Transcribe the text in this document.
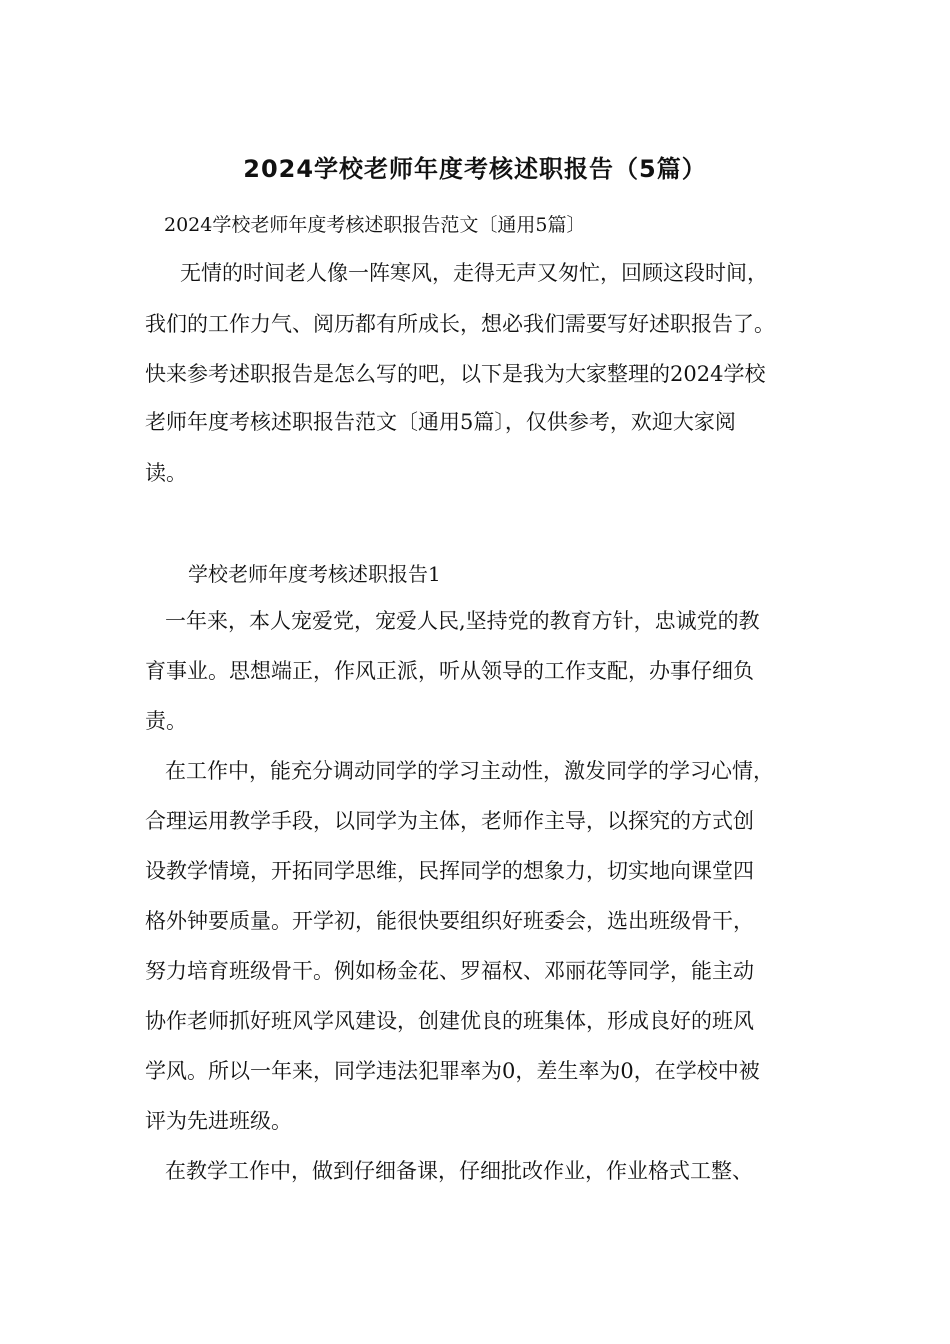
2024学校老师年度考核述职报告（5篇）
2024学校老师年度考核述职报告范文〔通用5篇〕
无情的时间老人像一阵寒风，走得无声又匆忙，回顾这段时间，
我们的工作力气、阅历都有所成长，想必我们需要写好述职报告了。
快来参考述职报告是怎么写的吧，以下是我为大家整理的2024学校
老师年度考核述职报告范文〔通用5篇〕，仅供参考，欢迎大家阅
读。
学校老师年度考核述职报告1
一年来，本人宠爱党，宠爱人民,坚持党的教育方针，忠诚党的教
育事业。思想端正，作风正派，听从领导的工作支配，办事仔细负
责。
在工作中，能充分调动同学的学习主动性，激发同学的学习心情，
合理运用教学手段，以同学为主体，老师作主导，以探究的方式创
设教学情境，开拓同学思维，民挥同学的想象力，切实地向课堂四
格外钟要质量。开学初，能很快要组织好班委会，选出班级骨干，
努力培育班级骨干。例如杨金花、罗福权、邓丽花等同学，能主动
协作老师抓好班风学风建设，创建优良的班集体，形成良好的班风
学风。所以一年来，同学违法犯罪率为0，差生率为0，在学校中被
评为先进班级。
在教学工作中，做到仔细备课，仔细批改作业，作业格式工整、
